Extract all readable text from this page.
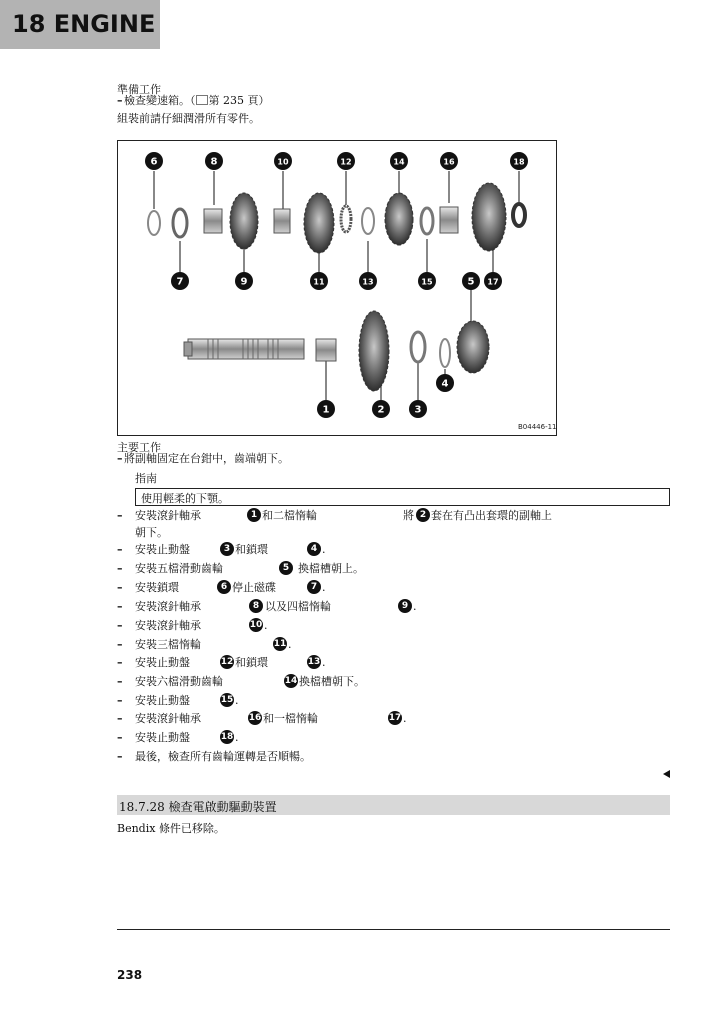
18 ENGINE
準備工作
– 檢查變速箱。（ 第 235 頁）
組裝前請仔細潤滑所有零件。
1	2	3
4
5
6
7
8
9
10
11
12
13
14
15
16
17
18
B04446-11
主要工作
– 將副軸固定在台鉗中，齒端朝下。
指南
使用輕柔的下顎。
– 安裝滾針軸承	1 和二檔惰輪	將 2 套在有凸出套環的副軸上
朝下。
– 安裝止動盤	3 和鎖環	4 .
– 安裝五檔滑動齒輪	5 換檔槽朝上。
– 安裝鎖環	6 停止磁碟	7 .
– 安裝滾針軸承	8 以及四檔惰輪	9 .
– 安裝滾針軸承	10 .
– 安裝三檔惰輪	11 .
– 安裝止動盤	12 和鎖環	13 .
– 安裝六檔滑動齒輪	14 換檔槽朝下。
– 安裝止動盤	15 .
– 安裝滾針軸承	16 和一檔惰輪	17 .
– 安裝止動盤	18 .
– 最後，檢查所有齒輪運轉是否順暢。
18.7.28 檢查電啟動驅動裝置
Bendix 條件已移除。
238
